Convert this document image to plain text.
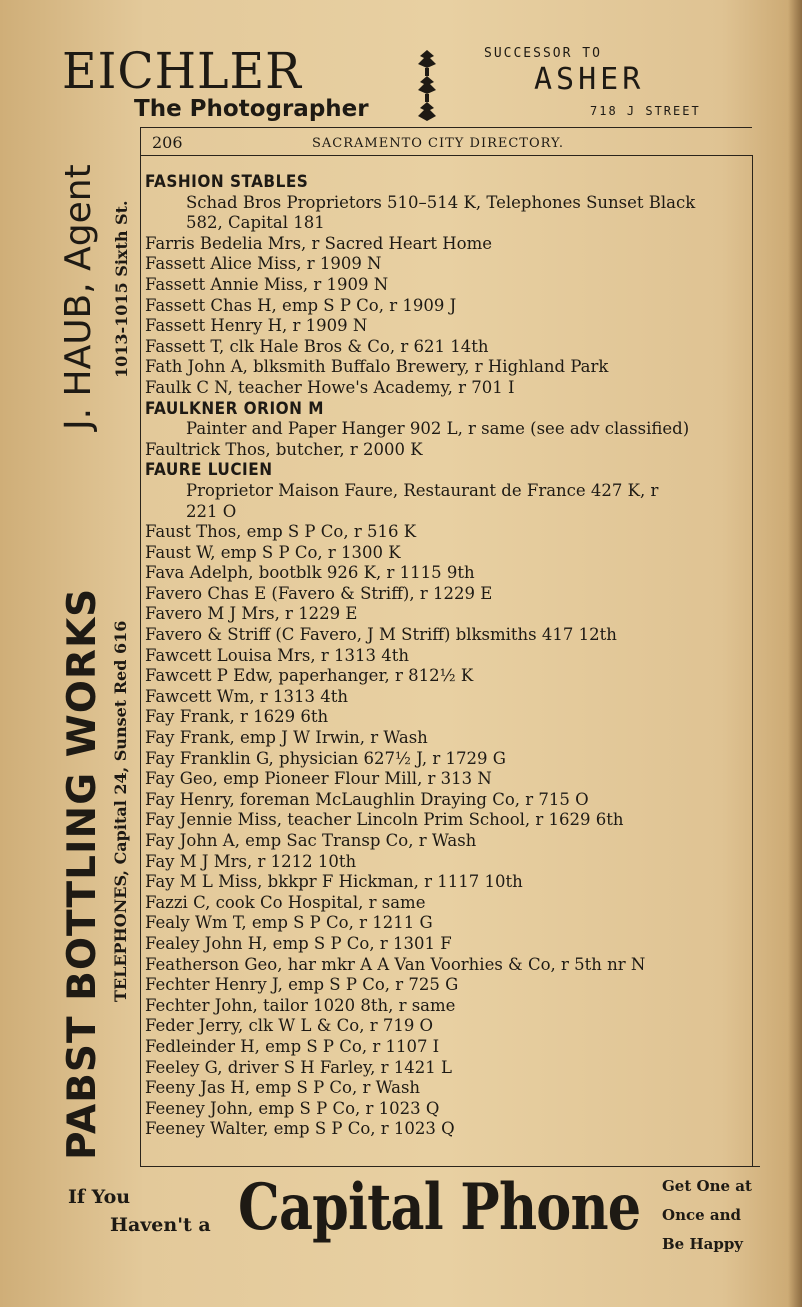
EICHLER
The Photographer
SUCCESSOR TO
ASHER
718 J STREET
206	SACRAMENTO CITY DIRECTORY.
PABST BOTTLING WORKS
J. HAUB, Agent
TELEPHONES, Capital 24, Sunset Red 616
1013-1015 Sixth St.
FASHION STABLES
Schad Bros Proprietors 510–514 K, Telephones Sunset Black
582, Capital 181
Farris Bedelia Mrs, r Sacred Heart Home
Fassett Alice Miss, r 1909 N
Fassett Annie Miss, r 1909 N
Fassett Chas H, emp S P Co, r 1909 J
Fassett Henry H, r 1909 N
Fassett T, clk Hale Bros & Co, r 621 14th
Fath John A, blksmith Buffalo Brewery, r Highland Park
Faulk C N, teacher Howe's Academy, r 701 I
FAULKNER ORION M
Painter and Paper Hanger 902 L, r same (see adv classified)
Faultrick Thos, butcher, r 2000 K
FAURE LUCIEN
Proprietor Maison Faure, Restaurant de France 427 K, r
221 O
Faust Thos, emp S P Co, r 516 K
Faust W, emp S P Co, r 1300 K
Fava Adelph, bootblk 926 K, r 1115 9th
Favero Chas E (Favero & Striff), r 1229 E
Favero M J Mrs, r 1229 E
Favero & Striff (C Favero, J M Striff) blksmiths 417 12th
Fawcett Louisa Mrs, r 1313 4th
Fawcett P Edw, paperhanger, r 812½ K
Fawcett Wm, r 1313 4th
Fay Frank, r 1629 6th
Fay Frank, emp J W Irwin, r Wash
Fay Franklin G, physician 627½ J, r 1729 G
Fay Geo, emp Pioneer Flour Mill, r 313 N
Fay Henry, foreman McLaughlin Draying Co, r 715 O
Fay Jennie Miss, teacher Lincoln Prim School, r 1629 6th
Fay John A, emp Sac Transp Co, r Wash
Fay M J Mrs, r 1212 10th
Fay M L Miss, bkkpr F Hickman, r 1117 10th
Fazzi C, cook Co Hospital, r same
Fealy Wm T, emp S P Co, r 1211 G
Fealey John H, emp S P Co, r 1301 F
Featherson Geo, har mkr A A Van Voorhies & Co, r 5th nr N
Fechter Henry J, emp S P Co, r 725 G
Fechter John, tailor 1020 8th, r same
Feder Jerry, clk W L & Co, r 719 O
Fedleinder H, emp S P Co, r 1107 I
Feeley G, driver S H Farley, r 1421 L
Feeny Jas H, emp S P Co, r Wash
Feeney John, emp S P Co, r 1023 Q
Feeney Walter, emp S P Co, r 1023 Q
If You
Haven't a Capital Phone Get One at
Once and
Be Happy
